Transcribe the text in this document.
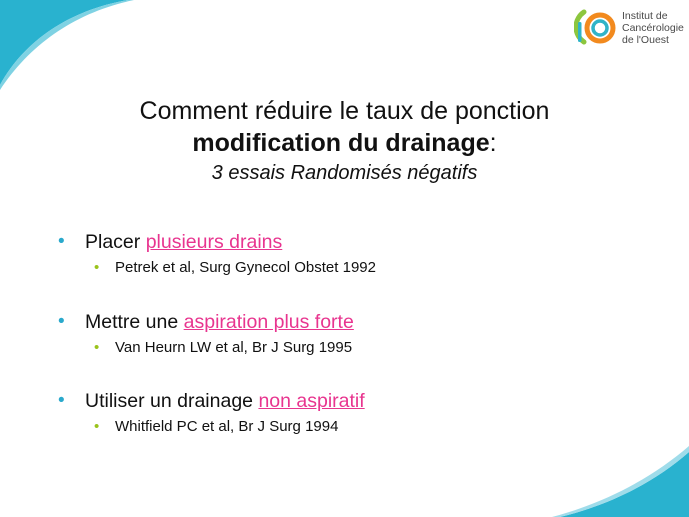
Institut de
Cancérologie
de l'Ouest
Comment réduire le taux de ponction
modification du drainage:
3 essais Randomisés négatifs
• Placer plusieurs drains
• Petrek et al, Surg Gynecol Obstet 1992
• Mettre une aspiration plus forte
• Van Heurn LW et al, Br J Surg 1995
• Utiliser un drainage non aspiratif
• Whitfield PC et al, Br J Surg 1994
